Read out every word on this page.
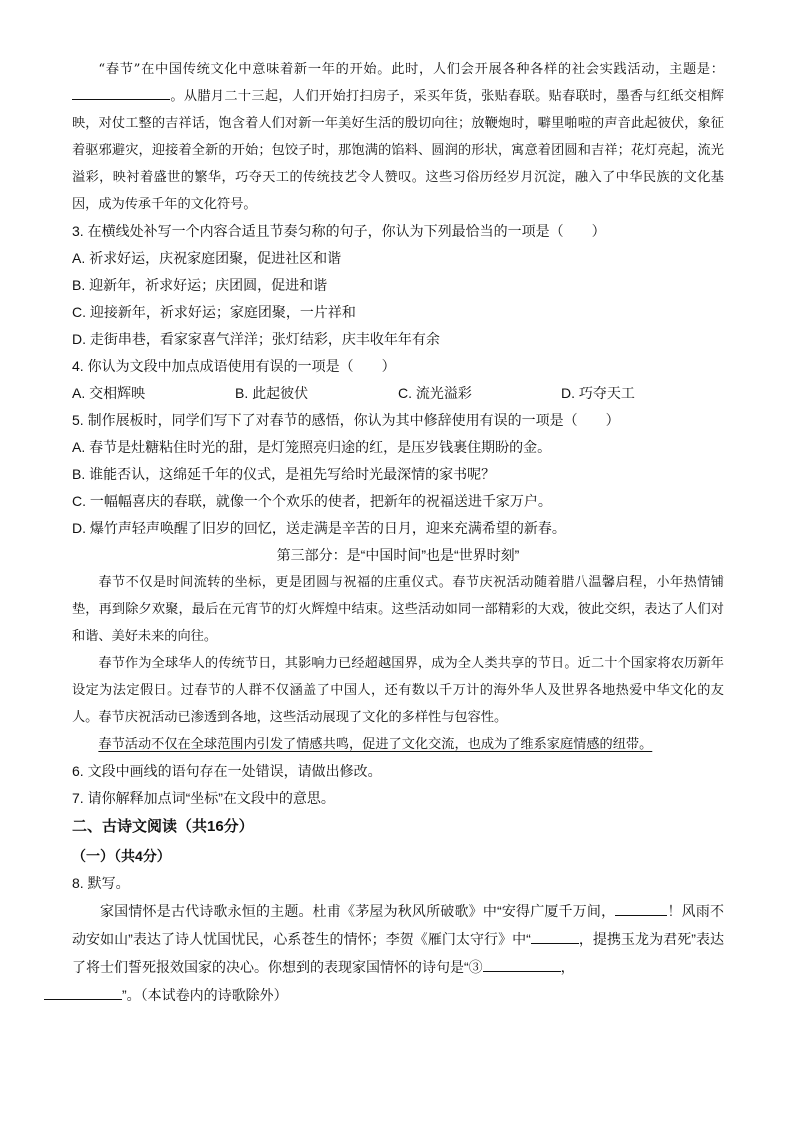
“春节”在中国传统文化中意味着新一年的开始。此时，人们会开展各种各样的社会实践活动，主题是：。从腊月二十三起，人们开始打扫房子，采买年货，张贴春联。贴春联时，墨香与红纸交相辉映，对仗工整的吉祥话，饱含着人们对新一年美好生活的殷切向往；放鞭炮时，噼里啪啦的声音此起彼伏，象征着驱邪避灾，迎接着全新的开始；包饺子时，那饱满的馅料、圆润的形状，寓意着团圆和吉祥；花灯亮起，流光溢彩，映衬着盛世的繁华，巧夺天工的传统技艺令人赞叹。这些习俗历经岁月沉淀，融入了中华民族的文化基因，成为传承千年的文化符号。

3. 在横线处补写一个内容合适且节奏匀称的句子，你认为下列最恰当的一项是（　　）

A. 祈求好运，庆祝家庭团聚，促进社区和谐

B. 迎新年，祈求好运；庆团圆，促进和谐

C. 迎接新年，祈求好运；家庭团聚，一片祥和

D. 走街串巷，看家家喜气洋洋；张灯结彩，庆丰收年年有余

4. 你认为文段中加点成语使用有误的一项是（　　）

A. 交相辉映	B. 此起彼伏	C. 流光溢彩	D. 巧夺天工

5. 制作展板时，同学们写下了对春节的感悟，你认为其中修辞使用有误的一项是（　　）

A. 春节是灶糖粘住时光的甜，是灯笼照亮归途的红，是压岁钱裹住期盼的金。

B. 谁能否认，这绵延千年的仪式，是祖先写给时光最深情的家书呢？

C. 一幅幅喜庆的春联，就像一个个欢乐的使者，把新年的祝福送进千家万户。

D. 爆竹声轻声唤醒了旧岁的回忆，送走满是辛苦的日月，迎来充满希望的新春。

第三部分：是“中国时间”也是“世界时刻”

春节不仅是时间流转的坐标，更是团圆与祝福的庄重仪式。春节庆祝活动随着腊八温馨启程，小年热情铺垫，再到除夕欢聚，最后在元宵节的灯火辉煌中结束。这些活动如同一部精彩的大戏，彼此交织，表达了人们对和谐、美好未来的向往。

春节作为全球华人的传统节日，其影响力已经超越国界，成为全人类共享的节日。近二十个国家将农历新年设定为法定假日。过春节的人群不仅涵盖了中国人，还有数以千万计的海外华人及世界各地热爱中华文化的友人。春节庆祝活动已渗透到各地，这些活动展现了文化的多样性与包容性。

春节活动不仅在全球范围内引发了情感共鸣，促进了文化交流，也成为了维系家庭情感的纽带。

6. 文段中画线的语句存在一处错误，请做出修改。

7. 请你解释加点词“坐标”在文段中的意思。

二、古诗文阅读（共16分）

（一）（共4分）

8. 默写。

家国情怀是古代诗歌永恒的主题。杜甫《茅屋为秋风所破歌》中“安得广厦千万间，	！风雨不动安如山”表达了诗人忧国忧民，心系苍生的情怀；李贺《雁门太守行》中“	，提携玉龙为君死”表达了将士们誓死报效国家的决心。你想到的表现家国情怀的诗句是“③	，
”。（本试卷内的诗歌除外）
